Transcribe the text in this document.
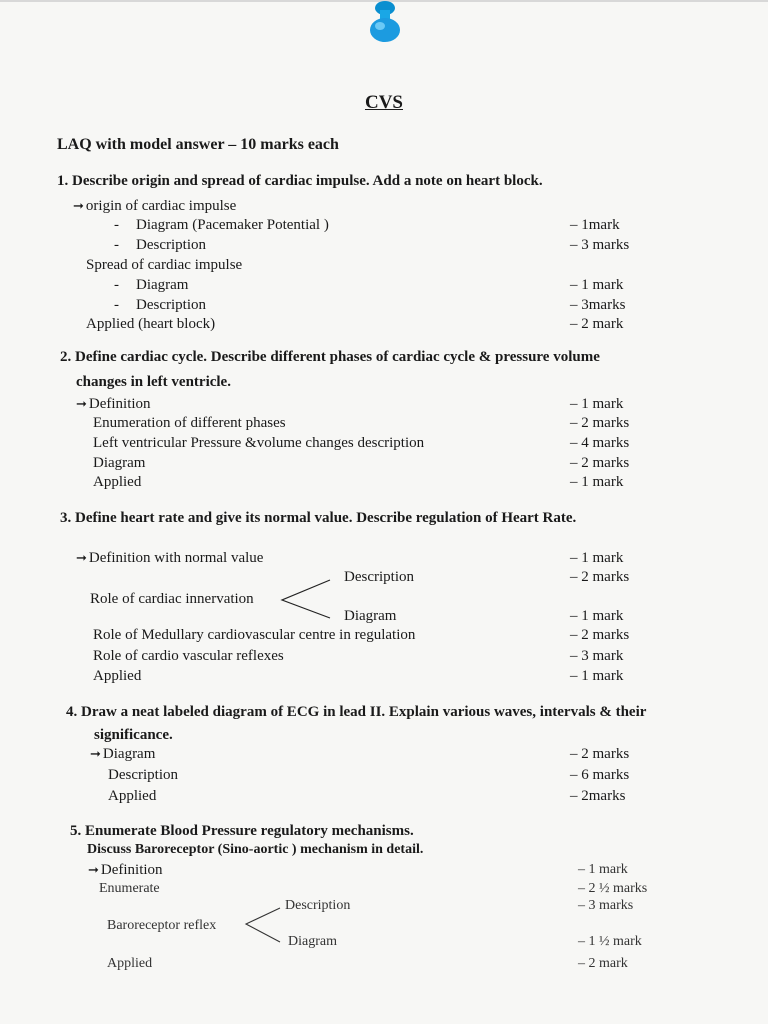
CVS
LAQ with model answer – 10 marks each
1. Describe origin and spread of cardiac impulse. Add a note on heart block.
➞ origin of cardiac impulse
- Diagram (Pacemaker Potential )	– 1mark
- Description	– 3 marks
Spread of cardiac impulse
- Diagram	– 1 mark
- Description	– 3marks
Applied (heart block)	– 2 mark
2. Define cardiac cycle. Describe different phases of cardiac cycle & pressure volume
changes in left ventricle.
➞ Definition	– 1 mark
Enumeration of different phases	– 2 marks
Left ventricular Pressure &volume changes description	– 4 marks
Diagram	– 2 marks
Applied	– 1 mark
3. Define heart rate and give its normal value. Describe regulation of Heart Rate.
➞ Definition with normal value	– 1 mark
Description	– 2 marks
Role of cardiac innervation
Diagram	– 1 mark
Role of Medullary cardiovascular centre in regulation	– 2 marks
Role of cardio vascular reflexes	– 3 mark
Applied	– 1 mark
4. Draw a neat labeled diagram of ECG in lead II. Explain various waves, intervals & their
significance.
➞ Diagram	– 2 marks
Description	– 6 marks
Applied	– 2marks
5. Enumerate Blood Pressure regulatory mechanisms.
Discuss Baroreceptor (Sino-aortic ) mechanism in detail.
➞ Definition	– 1 mark
Enumerate	– 2 ½ marks
Description	– 3 marks
Baroreceptor reflex
Diagram	– 1 ½ mark
Applied	– 2 mark
